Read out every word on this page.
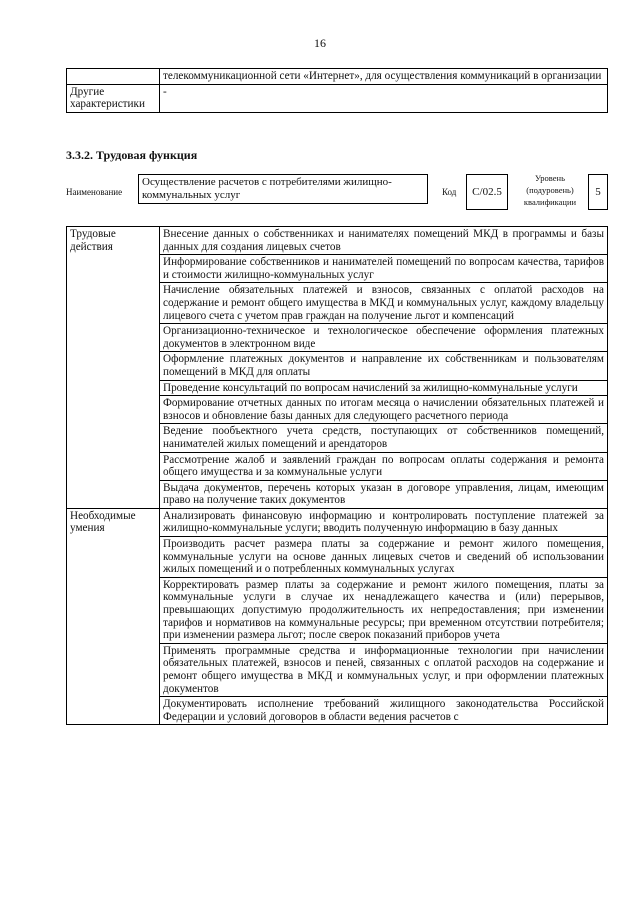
16
	телекоммуникационной сети «Интернет», для осуществления коммуникаций в организации
Другие характеристики	-
3.3.2. Трудовая функция
Наименование
Осуществление расчетов с потребителями жилищно-коммунальных услуг	Код	С/02.5
Уровень (подуровень) квалификации
5
Трудовые действия	Внесение данных о собственниках и нанимателях помещений МКД в программы и базы данных для создания лицевых счетов
	Информирование собственников и нанимателей помещений по вопросам качества, тарифов и стоимости жилищно-коммунальных услуг
	Начисление обязательных платежей и взносов, связанных с оплатой расходов на содержание и ремонт общего имущества в МКД и коммунальных услуг, каждому владельцу лицевого счета с учетом прав граждан на получение льгот и компенсаций
	Организационно-техническое и технологическое обеспечение оформления платежных документов в электронном виде
	Оформление платежных документов и направление их собственникам и пользователям помещений в МКД для оплаты
	Проведение консультаций по вопросам начислений за жилищно-коммунальные услуги
	Формирование отчетных данных по итогам месяца о начислении обязательных платежей и взносов и обновление базы данных для следующего расчетного периода
	Ведение пообъектного учета средств, поступающих от собственников помещений, нанимателей жилых помещений и арендаторов
	Рассмотрение жалоб и заявлений граждан по вопросам оплаты содержания и ремонта общего имущества и за коммунальные услуги
	Выдача документов, перечень которых указан в договоре управления, лицам, имеющим право на получение таких документов
Необходимые умения	Анализировать финансовую информацию и контролировать поступление платежей за жилищно-коммунальные услуги; вводить полученную информацию в базу данных
	Производить расчет размера платы за содержание и ремонт жилого помещения, коммунальные услуги на основе данных лицевых счетов и сведений об использовании жилых помещений и о потребленных коммунальных услугах
	Корректировать размер платы за содержание и ремонт жилого помещения, платы за коммунальные услуги в случае их ненадлежащего качества и (или) перерывов, превышающих допустимую продолжительность их непредоставления; при изменении тарифов и нормативов на коммунальные ресурсы; при временном отсутствии потребителя; при изменении размера льгот; после сверок показаний приборов учета
	Применять программные средства и информационные технологии при начислении обязательных платежей, взносов и пеней, связанных с оплатой расходов на содержание и ремонт общего имущества в МКД и коммунальных услуг, и при оформлении платежных документов
	Документировать исполнение требований жилищного законодательства Российской Федерации и условий договоров в области ведения расчетов с
